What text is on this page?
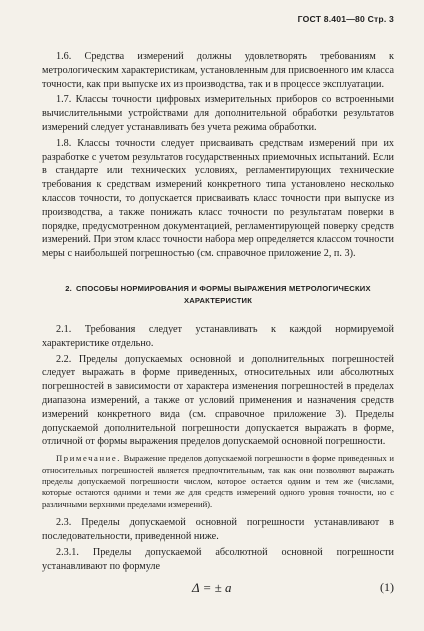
ГОСТ 8.401—80 Стр. 3

1.6. Средства измерений должны удовлетворять требованиям к метрологическим характеристикам, установленным для присвоенного им класса точности, как при выпуске их из производства, так и в процессе эксплуатации.

1.7. Классы точности цифровых измерительных приборов со встроенными вычислительными устройствами для дополнительной обработки результатов измерений следует устанавливать без учета режима обработки.

1.8. Классы точности следует присваивать средствам измерений при их разработке с учетом результатов государственных приемочных испытаний. Если в стандарте или технических условиях, регламентирующих технические требования к средствам измерений конкретного типа установлено несколько классов точности, то допускается присваивать класс точности при выпуске из производства, а также понижать класс точности по результатам поверки в порядке, предусмотренном документацией, регламентирующей поверку средств измерений. При этом класс точности набора мер определяется классом точности меры с наибольшей погрешностью (см. справочное приложение 2, п. 3).

2. СПОСОБЫ НОРМИРОВАНИЯ И ФОРМЫ ВЫРАЖЕНИЯ МЕТРОЛОГИЧЕСКИХ ХАРАКТЕРИСТИК

2.1. Требования следует устанавливать к каждой нормируемой характеристике отдельно.

2.2. Пределы допускаемых основной и дополнительных погрешностей следует выражать в форме приведенных, относительных или абсолютных погрешностей в зависимости от характера изменения погрешностей в пределах диапазона измерений, а также от условий применения и назначения средств измерений конкретного вида (см. справочное приложение 3). Пределы допускаемой дополнительной погрешности допускается выражать в форме, отличной от формы выражения пределов допускаемой основной погрешности.

Примечание. Выражение пределов допускаемой погрешности в форме приведенных и относительных погрешностей является предпочтительным, так как они позволяют выражать пределы допускаемой погрешности числом, которое остается одним и тем же (числами, которые остаются одними и теми же для средств измерений одного уровня точности, но с различными верхними пределами измерений).

2.3. Пределы допускаемой основной погрешности устанавливают в последовательности, приведенной ниже.

2.3.1. Пределы допускаемой абсолютной основной погрешности устанавливают по формуле

Δ = ± a	(1)
